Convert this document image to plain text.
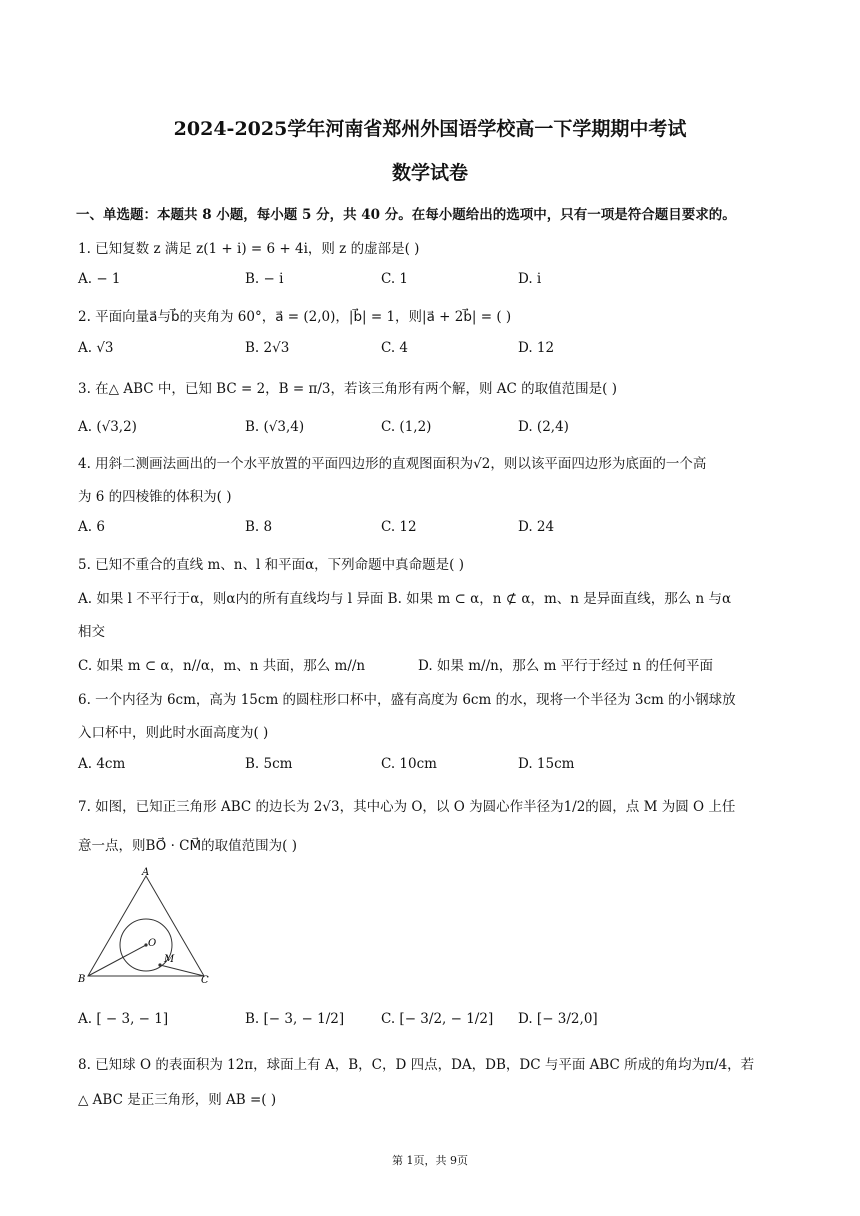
2024-2025学年河南省郑州外国语学校高一下学期期中考试
数学试卷
一、单选题：本题共 8 小题，每小题 5 分，共 40 分。在每小题给出的选项中，只有一项是符合题目要求的。
1. 已知复数 z 满足 z(1 + i) = 6 + 4i，则 z 的虚部是( )
A. − 1	B. − i	C. 1	D. i
2. 平面向量a⃗与b⃗的夹角为 60°，a⃗ = (2,0)，|b⃗| = 1，则|a⃗ + 2b⃗| = ( )
A. √3	B. 2√3	C. 4	D. 12
3. 在△ ABC 中，已知 BC = 2，B = π/3，若该三角形有两个解，则 AC 的取值范围是( )
A. (√3,2)	B. (√3,4)	C. (1,2)	D. (2,4)
4. 用斜二测画法画出的一个水平放置的平面四边形的直观图面积为√2，则以该平面四边形为底面的一个高
为 6 的四棱锥的体积为( )
A. 6	B. 8	C. 12	D. 24
5. 已知不重合的直线 m、n、l 和平面α，下列命题中真命题是( )
A. 如果 l 不平行于α，则α内的所有直线均与 l 异面 B. 如果 m ⊂ α，n ⊄ α，m、n 是异面直线，那么 n 与α
相交
C. 如果 m ⊂ α，n//α，m、n 共面，那么 m//n	D. 如果 m//n，那么 m 平行于经过 n 的任何平面
6. 一个内径为 6cm，高为 15cm 的圆柱形口杯中，盛有高度为 6cm 的水，现将一个半径为 3cm 的小钢球放
入口杯中，则此时水面高度为( )
A. 4cm	B. 5cm	C. 10cm	D. 15cm
7. 如图，已知正三角形 ABC 的边长为 2√3，其中心为 O，以 O 为圆心作半径为1/2的圆，点 M 为圆 O 上任
意一点，则BO⃗ · CM⃗的取值范围为( )
A
B	C
O
M
A. [ − 3, − 1]	B. [− 3, − 1/2]	C. [− 3/2, − 1/2] D. [− 3/2,0]
8. 已知球 O 的表面积为 12π，球面上有 A，B，C，D 四点，DA，DB，DC 与平面 ABC 所成的角均为π/4，若
△ ABC 是正三角形，则 AB =( )
第 1页，共 9页
